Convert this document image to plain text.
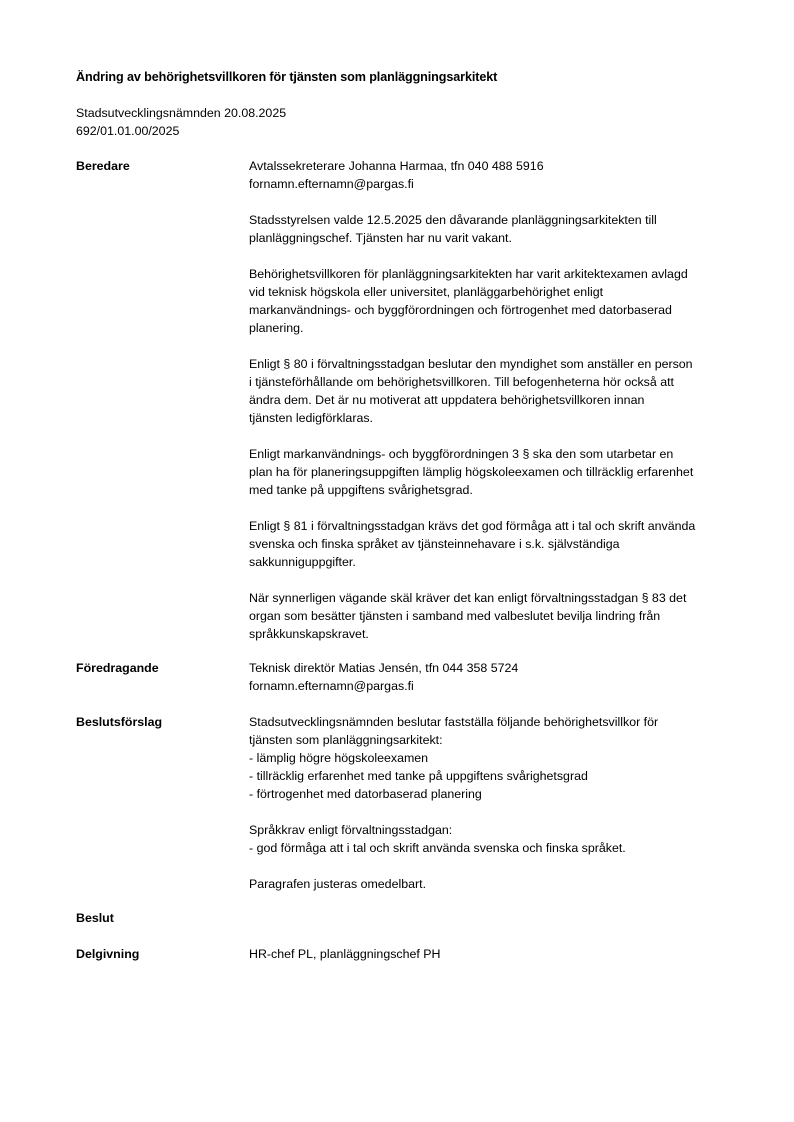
Ändring av behörighetsvillkoren för tjänsten som planläggningsarkitekt
Stadsutvecklingsnämnden 20.08.2025
692/01.01.00/2025
Beredare	Avtalssekreterare Johanna Harmaa, tfn 040 488 5916
fornamn.efternamn@pargas.fi

Stadsstyrelsen valde 12.5.2025 den dåvarande planläggningsarkitekten till
planläggningschef. Tjänsten har nu varit vakant.

Behörighetsvillkoren för planläggningsarkitekten har varit arkitektexamen avlagd
vid teknisk högskola eller universitet, planläggarbehörighet enligt
markanvändnings- och byggförordningen och förtrogenhet med datorbaserad
planering.

Enligt § 80 i förvaltningsstadgan beslutar den myndighet som anställer en person
i tjänsteförhållande om behörighetsvillkoren. Till befogenheterna hör också att
ändra dem. Det är nu motiverat att uppdatera behörighetsvillkoren innan
tjänsten ledigförklaras.

Enligt markanvändnings- och byggförordningen 3 § ska den som utarbetar en
plan ha för planeringsuppgiften lämplig högskoleexamen och tillräcklig erfarenhet
med tanke på uppgiftens svårighetsgrad.

Enligt § 81 i förvaltningsstadgan krävs det god förmåga att i tal och skrift använda
svenska och finska språket av tjänsteinnehavare i s.k. självständiga
sakkunniguppgifter.

När synnerligen vägande skäl kräver det kan enligt förvaltningsstadgan § 83 det
organ som besätter tjänsten i samband med valbeslutet bevilja lindring från
språkkunskapskravet.

Föredragande	Teknisk direktör Matias Jensén, tfn 044 358 5724
fornamn.efternamn@pargas.fi

Beslutsförslag	Stadsutvecklingsnämnden beslutar fastställa följande behörighetsvillkor för
tjänsten som planläggningsarkitekt:
- lämplig högre högskoleexamen
- tillräcklig erfarenhet med tanke på uppgiftens svårighetsgrad
- förtrogenhet med datorbaserad planering

Språkkrav enligt förvaltningsstadgan:
- god förmåga att i tal och skrift använda svenska och finska språket.

Paragrafen justeras omedelbart.

Beslut
Delgivning	HR-chef PL, planläggningschef PH
